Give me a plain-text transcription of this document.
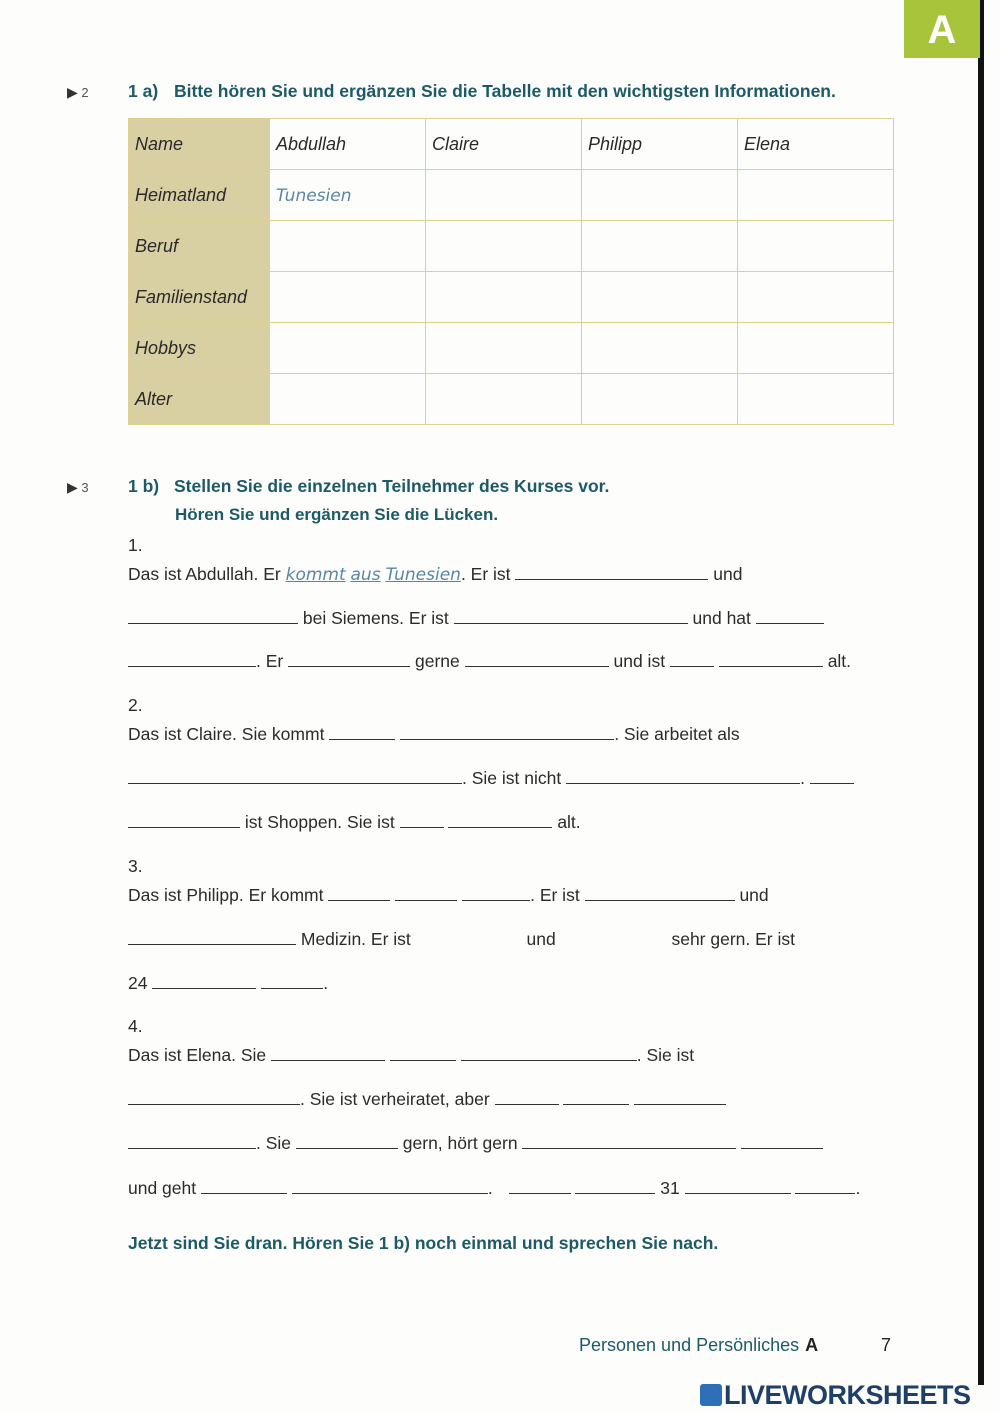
A
▶ 2 1 a) Bitte hören Sie und ergänzen Sie die Tabelle mit den wichtigsten Informationen.
Name	Abdullah	Claire	Philipp	Elena
Heimatland	Tunesien			
Beruf				
Familienstand				
Hobbys				
Alter				
▶ 3 1 b) Stellen Sie die einzelnen Teilnehmer des Kurses vor.
Hören Sie und ergänzen Sie die Lücken.
1.
Das ist Abdullah. Er kommt aus Tunesien. Er ist	und
bei Siemens. Er ist	und hat
. Er	gerne	und ist	alt.
2.
Das ist Claire. Sie kommt	. Sie arbeitet als
. Sie ist nicht	.
ist Shoppen. Sie ist	alt.
3.
Das ist Philipp. Er kommt	. Er ist	und
Medizin. Er ist	und	sehr gern. Er ist
24	.
4.
Das ist Elena. Sie	. Sie ist
. Sie ist verheiratet, aber
. Sie	gern, hört gern
und geht	.	31	.
Jetzt sind Sie dran. Hören Sie 1 b) noch einmal und sprechen Sie nach.
Personen und Persönliches A	7
LIVEWORKSHEETS
